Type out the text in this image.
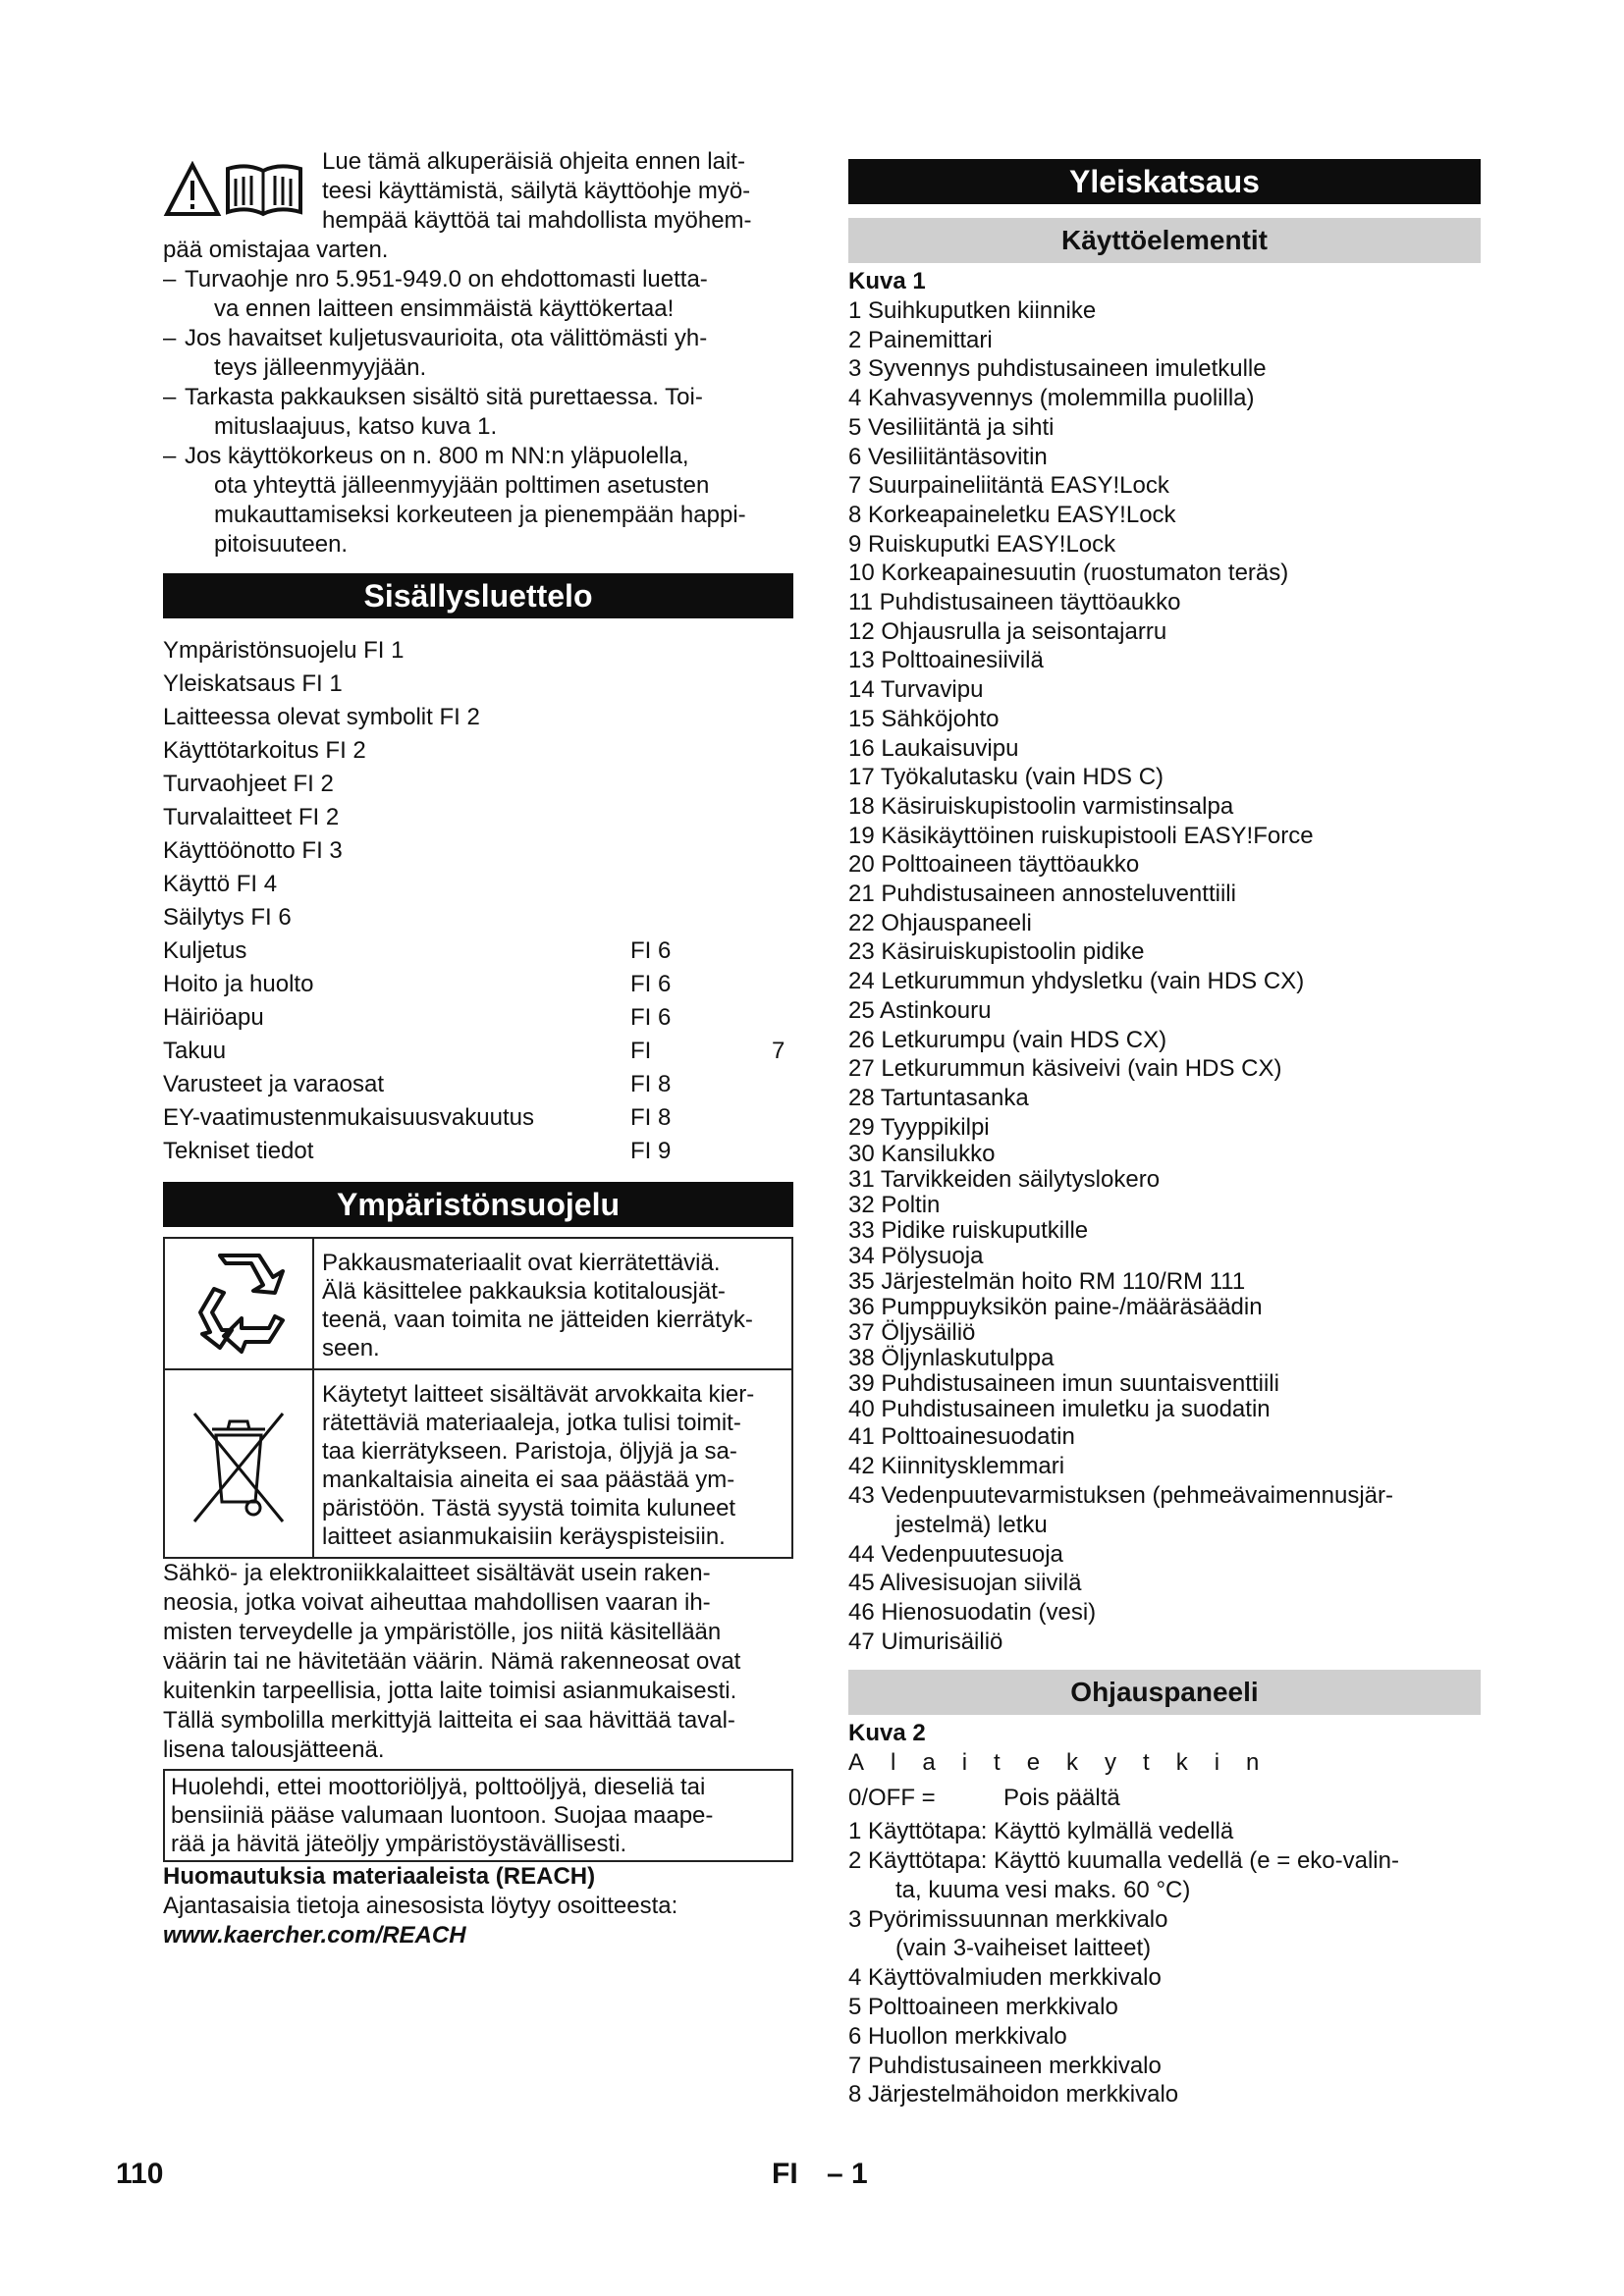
Lue tämä alkuperäisiä ohjeita ennen lait-
teesi käyttämistä, säilytä käyttöohje myö-
hempää käyttöä tai mahdollista myöhem-
pää omistajaa varten.
– Turvaohje nro 5.951-949.0 on ehdottomasti luetta-
va ennen laitteen ensimmäistä käyttökertaa!
– Jos havaitset kuljetusvaurioita, ota välittömästi yh-
teys jälleenmyyjään.
– Tarkasta pakkauksen sisältö sitä purettaessa. Toi-
mituslaajuus, katso kuva 1.
– Jos käyttökorkeus on n. 800 m NN:n yläpuolella,
ota yhteyttä jälleenmyyjään polttimen asetusten
mukauttamiseksi korkeuteen ja pienempään happi-
pitoisuuteen.
Sisällysluettelo
Ympäristönsuojelu FI 1
Yleiskatsaus FI 1
Laitteessa olevat symbolit FI 2
Käyttötarkoitus FI 2
Turvaohjeet FI 2
Turvalaitteet FI 2
Käyttöönotto FI 3
Käyttö FI 4
Säilytys FI 6
Kuljetus	FI 6
Hoito ja huolto	FI 6
Häiriöapu	FI 6
Takuu	FI	7
Varusteet ja varaosat	FI 8
EY-vaatimustenmukaisuusvakuutus	FI 8
Tekniset tiedot	FI 9
Ympäristönsuojelu
Pakkausmateriaalit ovat kierrätettäviä.
Älä käsittelee pakkauksia kotitalousjät-
teenä, vaan toimita ne jätteiden kierrätyk-
seen.
Käytetyt laitteet sisältävät arvokkaita kier-
rätettäviä materiaaleja, jotka tulisi toimit-
taa kierrätykseen. Paristoja, öljyjä ja sa-
mankaltaisia aineita ei saa päästää ym-
päristöön. Tästä syystä toimita kuluneet
laitteet asianmukaisiin keräyspisteisiin.
Sähkö- ja elektroniikkalaitteet sisältävät usein raken-
neosia, jotka voivat aiheuttaa mahdollisen vaaran ih-
misten terveydelle ja ympäristölle, jos niitä käsitellään
väärin tai ne hävitetään väärin. Nämä rakenneosat ovat
kuitenkin tarpeellisia, jotta laite toimisi asianmukaisesti.
Tällä symbolilla merkittyjä laitteita ei saa hävittää taval-
lisena talousjätteenä.
Huolehdi, ettei moottoriöljyä, polttoöljyä, dieseliä tai
bensiiniä pääse valumaan luontoon. Suojaa maape-
rää ja hävitä jäteöljy ympäristöystävällisesti.
Huomautuksia materiaaleista (REACH)
Ajantasaisia tietoja ainesosista löytyy osoitteesta:
www.kaercher.com/REACH
Yleiskatsaus
Käyttöelementit
Kuva 1
1 Suihkuputken kiinnike
2 Painemittari
3 Syvennys puhdistusaineen imuletkulle
4 Kahvasyvennys (molemmilla puolilla)
5 Vesiliitäntä ja sihti
6 Vesiliitäntäsovitin
7 Suurpaineliitäntä EASY!Lock
8 Korkeapaineletku EASY!Lock
9 Ruiskuputki EASY!Lock
10 Korkeapainesuutin (ruostumaton teräs)
11 Puhdistusaineen täyttöaukko
12 Ohjausrulla ja seisontajarru
13 Polttoainesiivilä
14 Turvavipu
15 Sähköjohto
16 Laukaisuvipu
17 Työkalutasku (vain HDS C)
18 Käsiruiskupistoolin varmistinsalpa
19 Käsikäyttöinen ruiskupistooli EASY!Force
20 Polttoaineen täyttöaukko
21 Puhdistusaineen annosteluventtiili
22 Ohjauspaneeli
23 Käsiruiskupistoolin pidike
24 Letkurummun yhdysletku (vain HDS CX)
25 Astinkouru
26 Letkurumpu (vain HDS CX)
27 Letkurummun käsiveivi (vain HDS CX)
28 Tartuntasanka
29 Tyyppikilpi
30 Kansilukko
31 Tarvikkeiden säilytyslokero
32 Poltin
33 Pidike ruiskuputkille
34 Pölysuoja
35 Järjestelmän hoito RM 110/RM 111
36 Pumppuyksikön paine-/määräsäädin
37 Öljysäiliö
38 Öljynlaskutulppa
39 Puhdistusaineen imun suuntaisventtiili
40 Puhdistusaineen imuletku ja suodatin
41 Polttoainesuodatin
42 Kiinnitysklemmari
43 Vedenpuutevarmistuksen (pehmeävaimennusjär-
jestelmä) letku
44 Vedenpuutesuoja
45 Alivesisuojan siivilä
46 Hienosuodatin (vesi)
47 Uimurisäiliö
Ohjauspaneeli
Kuva 2
Alaitekytkin
0/OFF =	Pois päältä
1 Käyttötapa: Käyttö kylmällä vedellä
2 Käyttötapa: Käyttö kuumalla vedellä (e = eko-valin-
ta, kuuma vesi maks. 60 °C)
3 Pyörimissuunnan merkkivalo
(vain 3-vaiheiset laitteet)
4 Käyttövalmiuden merkkivalo
5 Polttoaineen merkkivalo
6 Huollon merkkivalo
7 Puhdistusaineen merkkivalo
8 Järjestelmähoidon merkkivalo
110	FI – 1
